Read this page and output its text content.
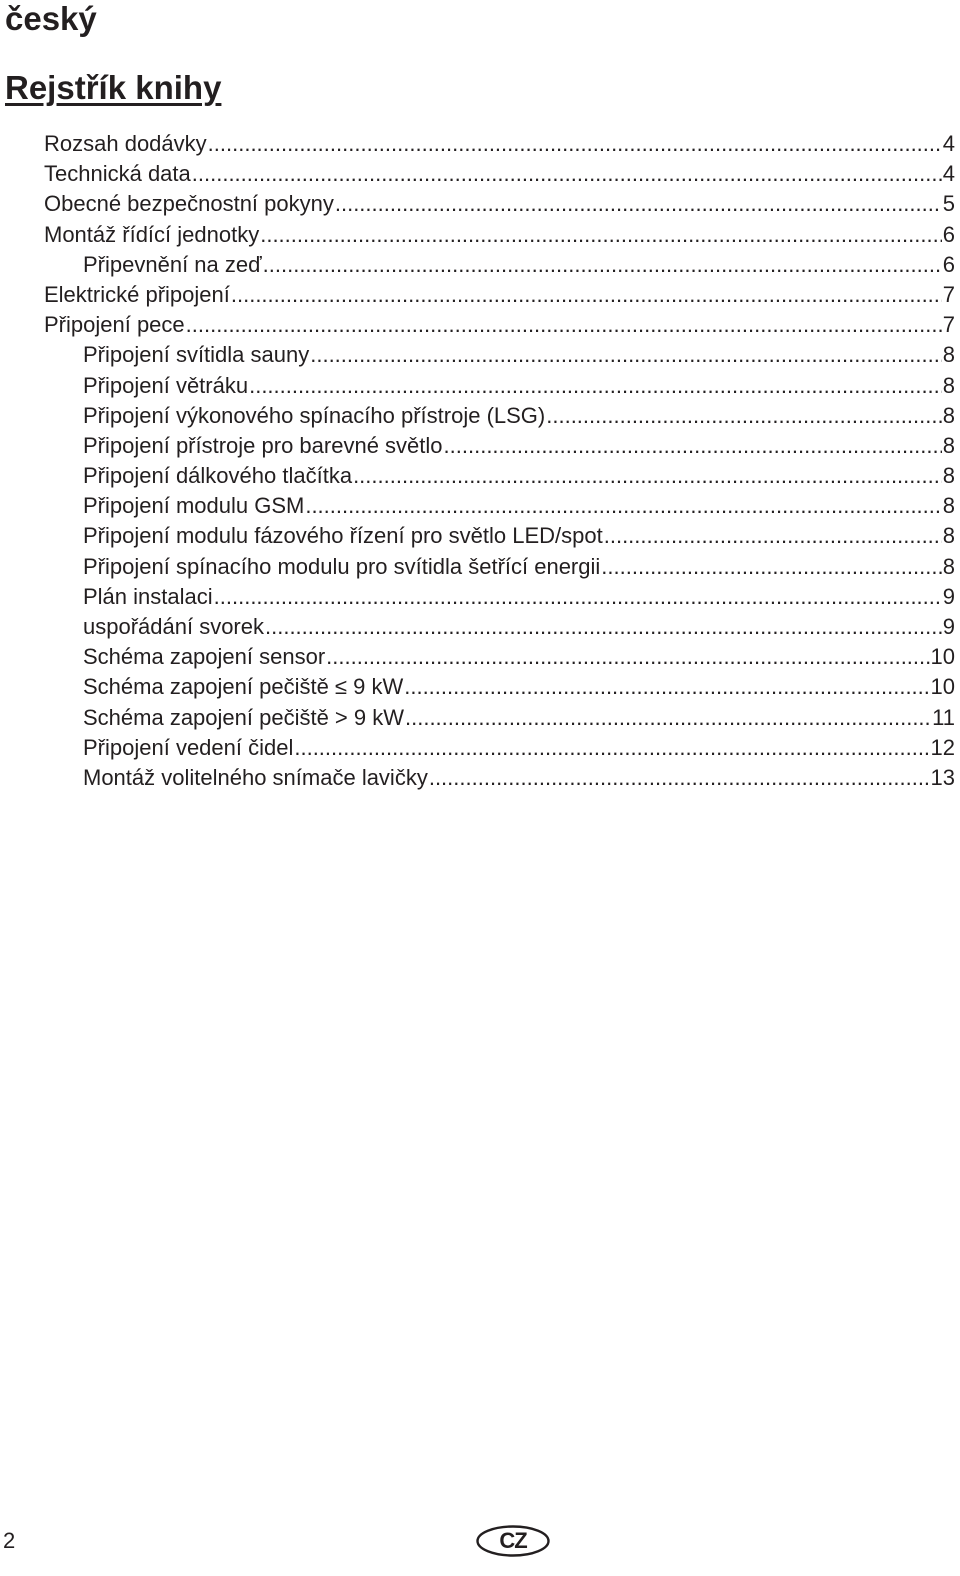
český
Rejstřík knihy
Rozsah dodávky .....	4
Technická data .....	4
Obecné bezpečnostní pokyny .....	5
Montáž řídící jednotky .....	6
Připevnění na zeď .....	6
Elektrické připojení .....	7
Připojení pece .....	7
Připojení svítidla sauny .....	8
Připojení větráku .....	8
Připojení výkonového spínacího přístroje (LSG) .....	8
Připojení přístroje pro barevné světlo .....	8
Připojení dálkového tlačítka .....	8
Připojení modulu GSM .....	8
Připojení modulu fázového řízení pro světlo LED/spot .....	8
Připojení spínacího modulu pro svítidla šetřící energii .....	8
Plán instalaci .....	9
uspořádání svorek .....	9
Schéma zapojení sensor .....	10
Schéma zapojení pečiště ≤ 9 kW .....	10
Schéma zapojení pečiště > 9 kW .....	11
Připojení vedení čidel .....	12
Montáž volitelného snímače lavičky .....	13
2	CZ
